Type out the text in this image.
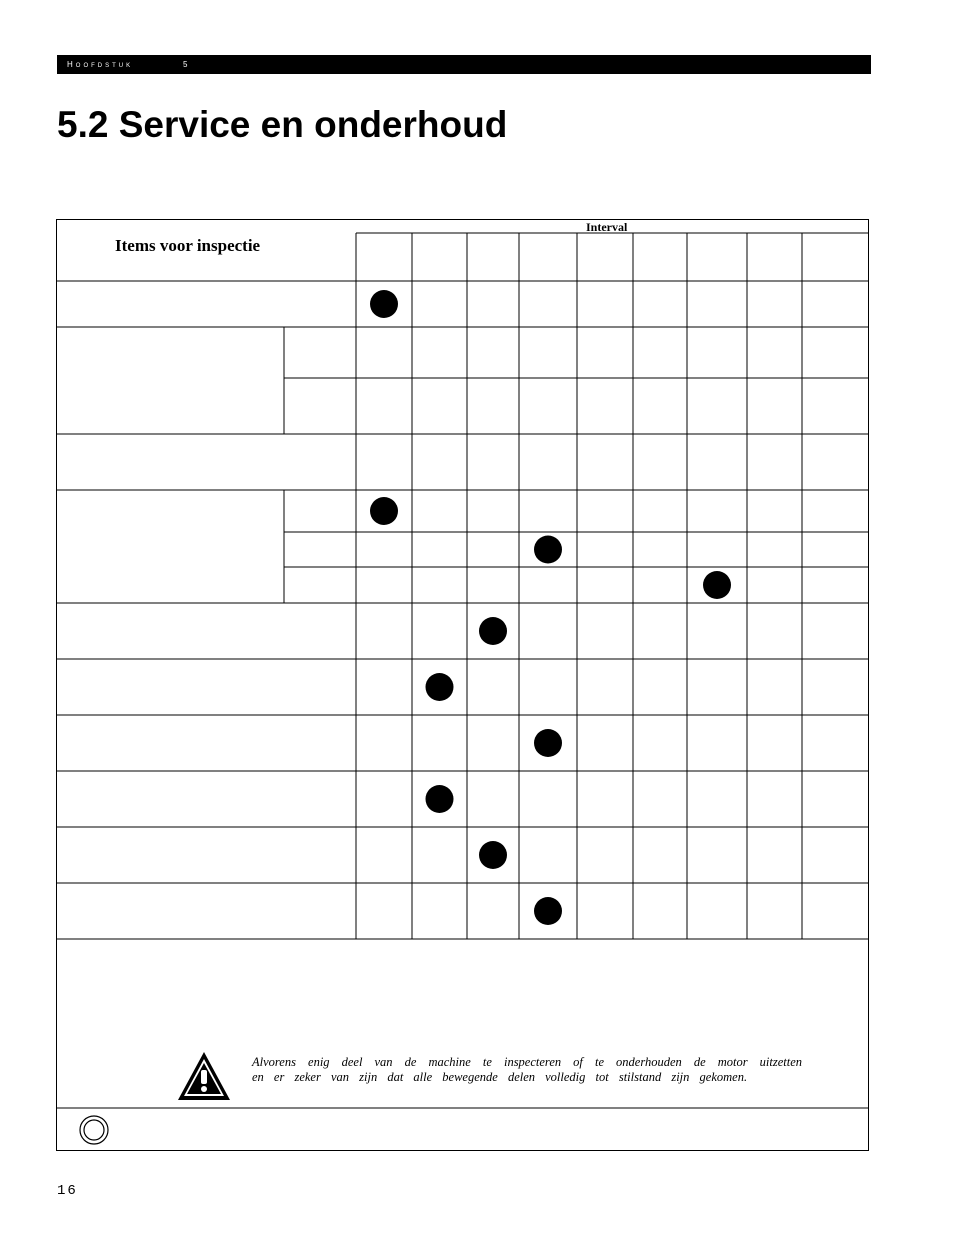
Hoofdstuk	5
5.2 Service en onderhoud
Items voor inspectie
Interval
Alvorens enig deel van de machine te inspecteren of te onderhouden de motor uitzetten
en er zeker van zijn dat alle bewegende delen volledig tot stilstand zijn gekomen.
16
